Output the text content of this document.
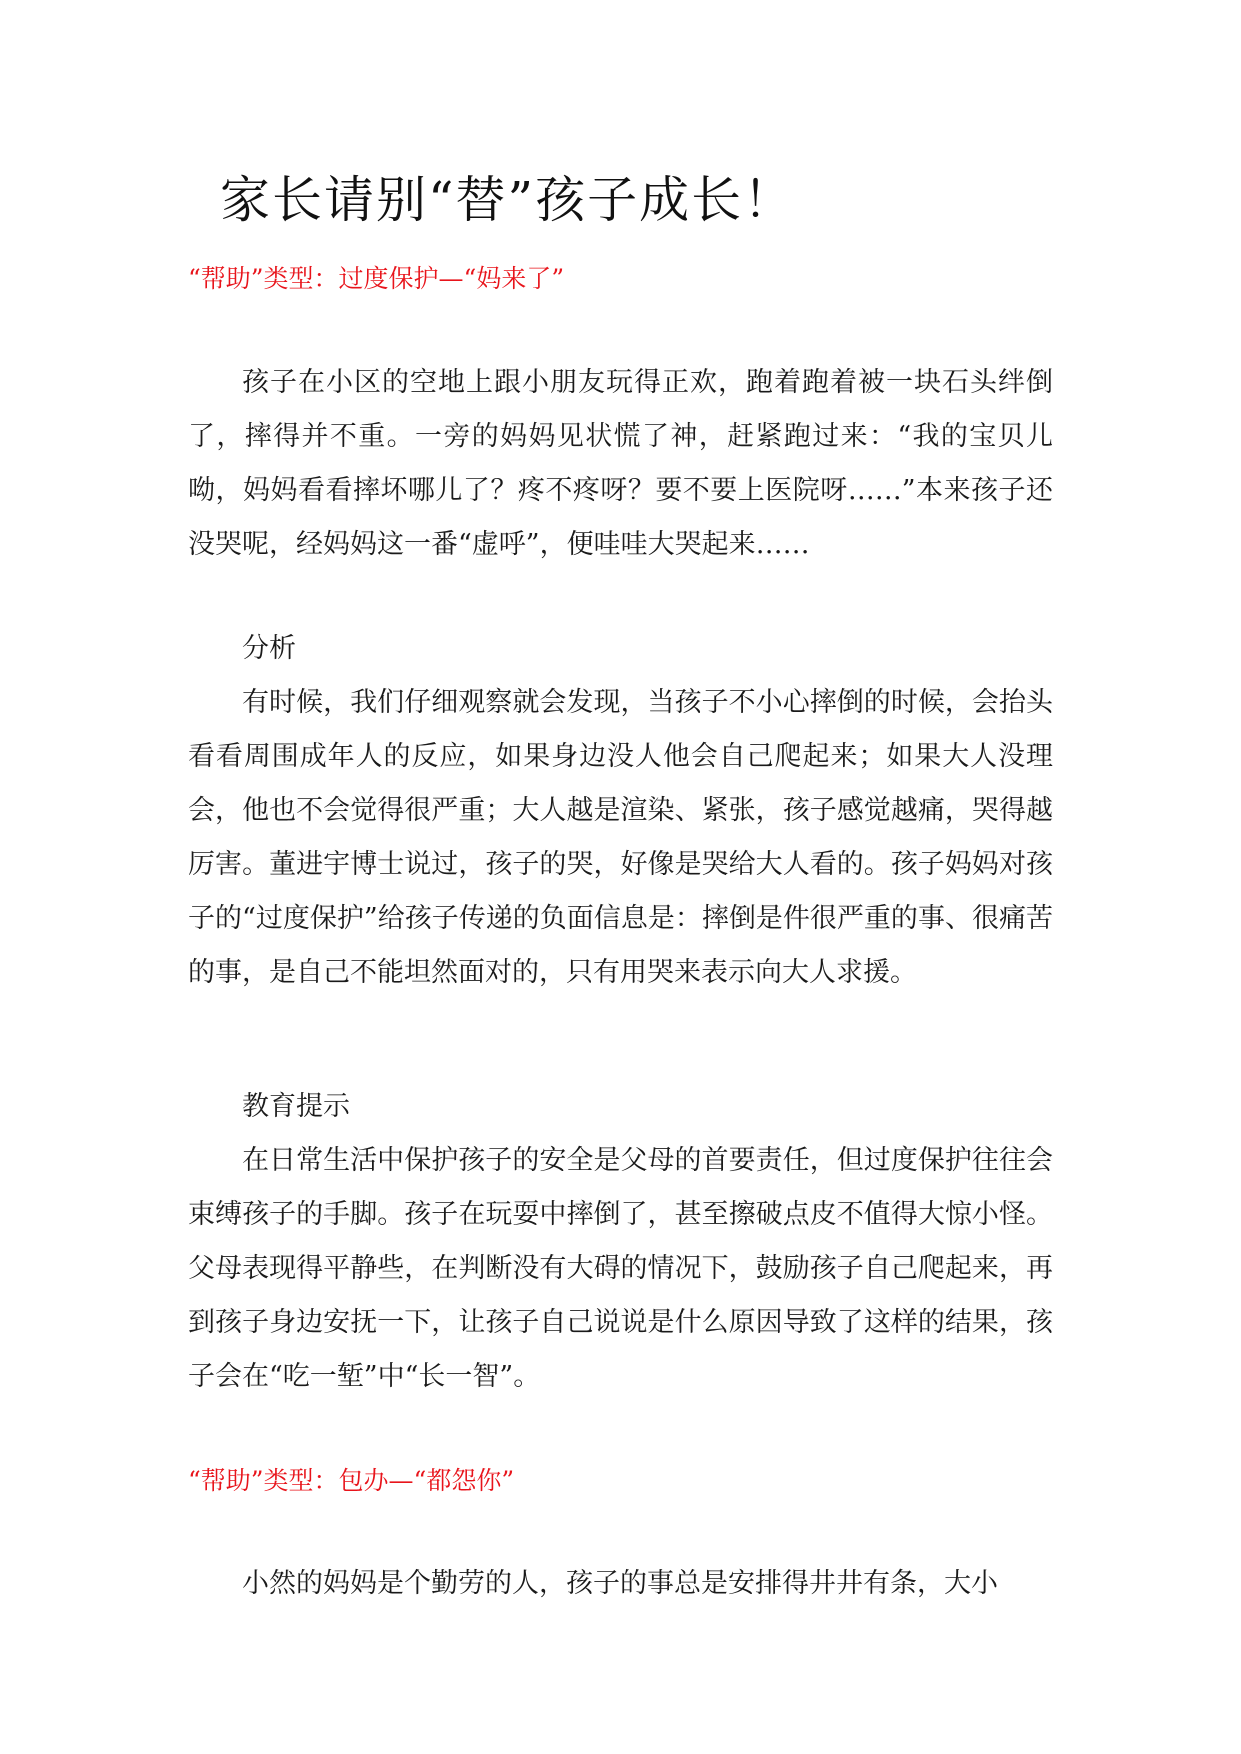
家长请别“替”孩子成长！
“帮助”类型：过度保护—“妈来了”

孩子在小区的空地上跟小朋友玩得正欢，跑着跑着被一块石头绊倒了，摔得并不重。一旁的妈妈见状慌了神，赶紧跑过来：“我的宝贝儿呦，妈妈看看摔坏哪儿了？疼不疼呀？要不要上医院呀……”本来孩子还没哭呢，经妈妈这一番“虚呼”，便哇哇大哭起来……

分析

有时候，我们仔细观察就会发现，当孩子不小心摔倒的时候，会抬头看看周围成年人的反应，如果身边没人他会自己爬起来；如果大人没理会，他也不会觉得很严重；大人越是渲染、紧张，孩子感觉越痛，哭得越厉害。董进宇博士说过，孩子的哭，好像是哭给大人看的。孩子妈妈对孩子的“过度保护”给孩子传递的负面信息是：摔倒是件很严重的事、很痛苦的事，是自己不能坦然面对的，只有用哭来表示向大人求援。

教育提示

在日常生活中保护孩子的安全是父母的首要责任，但过度保护往往会束缚孩子的手脚。孩子在玩耍中摔倒了，甚至擦破点皮不值得大惊小怪。父母表现得平静些，在判断没有大碍的情况下，鼓励孩子自己爬起来，再到孩子身边安抚一下，让孩子自己说说是什么原因导致了这样的结果，孩子会在“吃一堑”中“长一智”。

“帮助”类型：包办—“都怨你”

小然的妈妈是个勤劳的人，孩子的事总是安排得井井有条，大小
